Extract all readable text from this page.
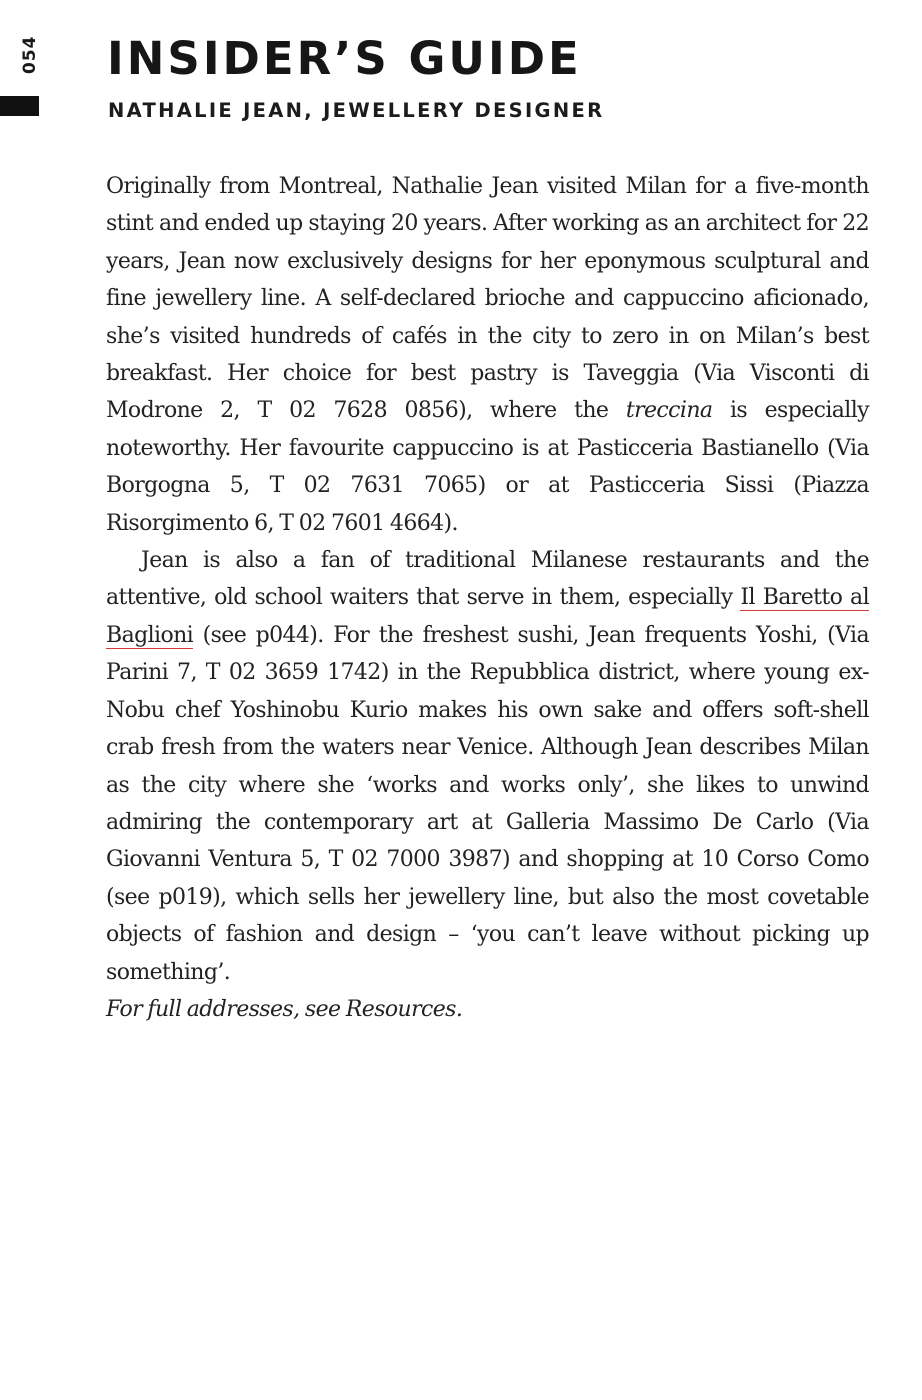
054 INSIDER’S GUIDE
NATHALIE JEAN, JEWELLERY DESIGNER

Originally from Montreal, Nathalie Jean visited Milan for a five-month stint and ended up staying 20 years. After working as an architect for 22 years, Jean now exclusively designs for her eponymous sculptural and fine jewellery line. A self-declared brioche and cappuccino aficionado, she’s visited hundreds of cafés in the city to zero in on Milan’s best breakfast. Her choice for best pastry is Taveggia (Via Visconti di Modrone 2, T 02 7628 0856), where the treccina is especially noteworthy. Her favourite cappuccino is at Pasticceria Bastianello (Via Borgogna 5, T 02 7631 7065) or at Pasticceria Sissi (Piazza Risorgimento 6, T 02 7601 4664).

Jean is also a fan of traditional Milanese restaurants and the attentive, old school waiters that serve in them, especially Il Baretto al Baglioni (see p044). For the freshest sushi, Jean frequents Yoshi, (Via Parini 7, T 02 3659 1742) in the Repubblica district, where young ex-Nobu chef Yoshinobu Kurio makes his own sake and offers soft-shell crab fresh from the waters near Venice. Although Jean describes Milan as the city where she ‘works and works only’, she likes to unwind admiring the contemporary art at Galleria Massimo De Carlo (Via Giovanni Ventura 5, T 02 7000 3987) and shopping at 10 Corso Como (see p019), which sells her jewellery line, but also the most covetable objects of fashion and design – ‘you can’t leave without picking up something’.

For full addresses, see Resources.
